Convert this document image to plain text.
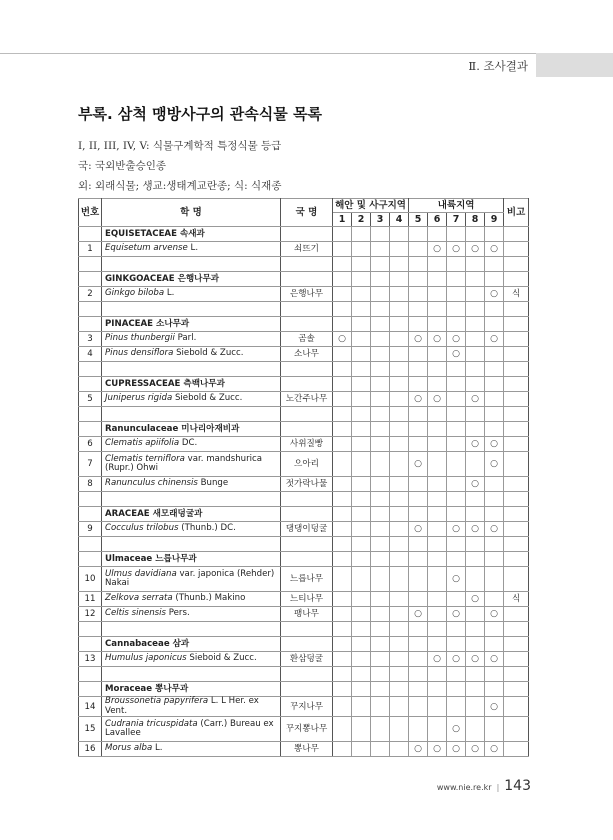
Ⅱ. 조사결과
부록. 삼척 맹방사구의 관속식물 목록
I, II, III, IV, V: 식물구계학적 특정식물 등급
국: 국외반출승인종
외: 외래식물; 생교:생태계교란종; 식: 식재종
번호	학 명	국 명	해안 및 사구지역				내륙지역					비고
			1	2	3	4	5	6	7	8	9	
	EQUISETACEAE 속새과											
1	Equisetum arvense L.	쇠뜨기						○	○	○	○	

	GINKGOACEAE 은행나무과											
2	Ginkgo biloba L.	은행나무									○	식

	PINACEAE 소나무과											
3	Pinus thunbergii Parl.	곰솔	○				○	○	○		○	
4	Pinus densiflora Siebold & Zucc.	소나무							○			

	CUPRESSACEAE 측백나무과											
5	Juniperus rigida Siebold & Zucc.	노간주나무					○	○		○		

	Ranunculaceae 미나리아재비과											
6	Clematis apiifolia DC.	사위질빵								○	○	
7	Clematis terniflora var. mandshurica (Rupr.) Ohwi	으아리					○				○	
8	Ranunculus chinensis Bunge	젓가락나물								○		

	ARACEAE 새모래덩굴과											
9	Cocculus trilobus (Thunb.) DC.	댕댕이덩굴					○		○	○	○	

	Ulmaceae 느릅나무과											
10	Ulmus davidiana var. japonica (Rehder) Nakai	느릅나무							○			
11	Zelkova serrata (Thunb.) Makino	느티나무								○		식
12	Celtis sinensis Pers.	팽나무					○		○		○	

	Cannabaceae 삼과											
13	Humulus japonicus Sieboid & Zucc.	환삼덩굴						○	○	○	○	

	Moraceae 뽕나무과											
14	Broussonetia papyrifera L. L Her. ex Vent.	꾸지나무									○	
15	Cudrania tricuspidata (Carr.) Bureau ex Lavallee	꾸지뽕나무							○			
16	Morus alba L.	뽕나무					○	○	○	○	○	
www.nie.re.kr | 143
